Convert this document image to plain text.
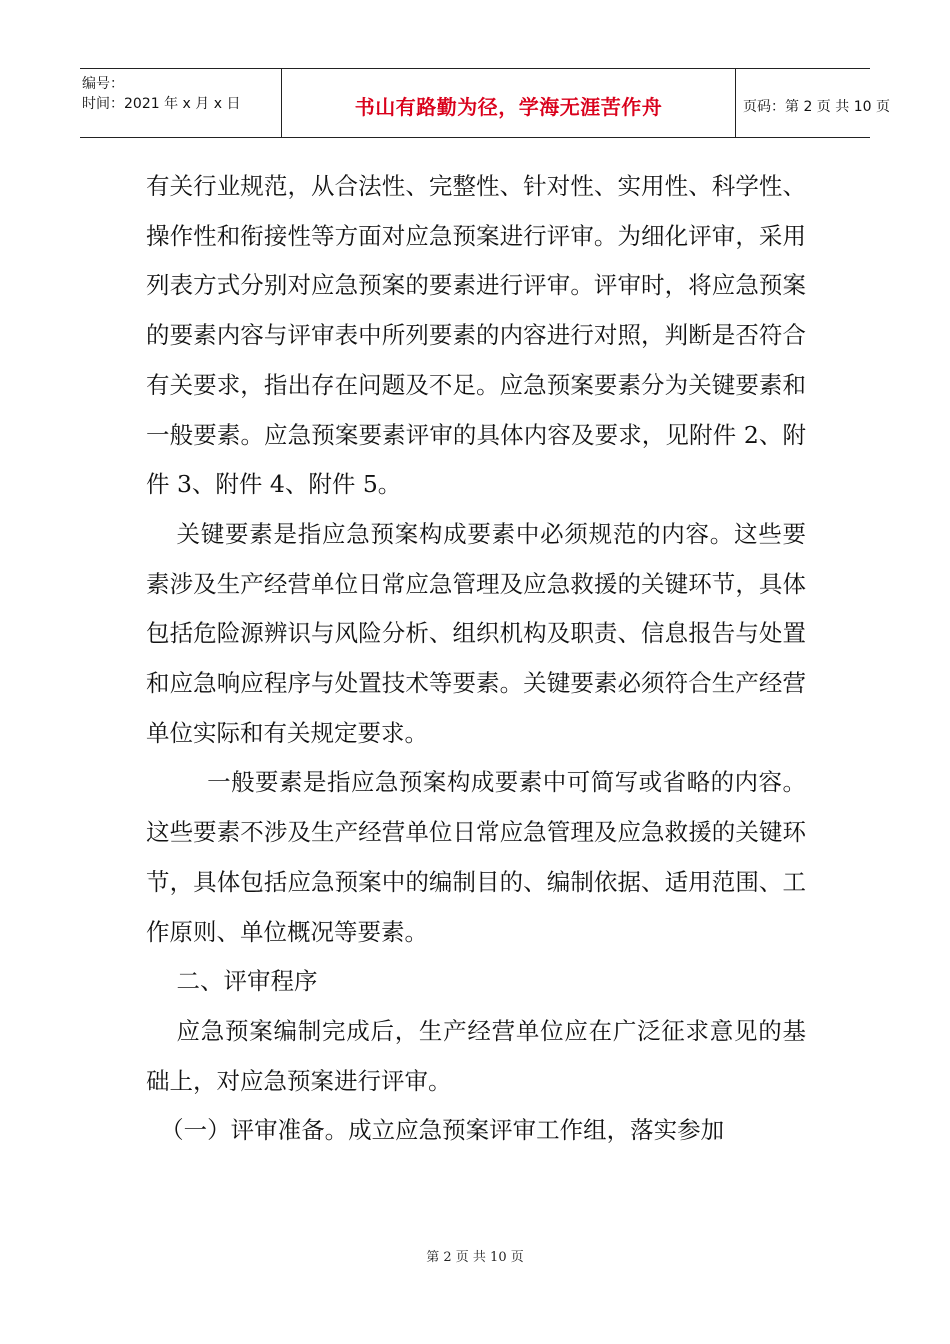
编号：
时间：2021 年 x 月 x 日	书山有路勤为径，学海无涯苦作舟	页码：第 2 页 共 10 页

有关行业规范，从合法性、完整性、针对性、实用性、科学性、操作性和衔接性等方面对应急预案进行评审。为细化评审，采用列表方式分别对应急预案的要素进行评审。评审时，将应急预案的要素内容与评审表中所列要素的内容进行对照，判断是否符合有关要求，指出存在问题及不足。应急预案要素分为关键要素和一般要素。应急预案要素评审的具体内容及要求，见附件 2、附件 3、附件 4、附件 5。

关键要素是指应急预案构成要素中必须规范的内容。这些要素涉及生产经营单位日常应急管理及应急救援的关键环节，具体包括危险源辨识与风险分析、组织机构及职责、信息报告与处置和应急响应程序与处置技术等要素。关键要素必须符合生产经营单位实际和有关规定要求。

一般要素是指应急预案构成要素中可简写或省略的内容。这些要素不涉及生产经营单位日常应急管理及应急救援的关键环节，具体包括应急预案中的编制目的、编制依据、适用范围、工作原则、单位概况等要素。

二、评审程序

应急预案编制完成后，生产经营单位应在广泛征求意见的基础上，对应急预案进行评审。

（一）评审准备。成立应急预案评审工作组，落实参加

第 2 页 共 10 页
